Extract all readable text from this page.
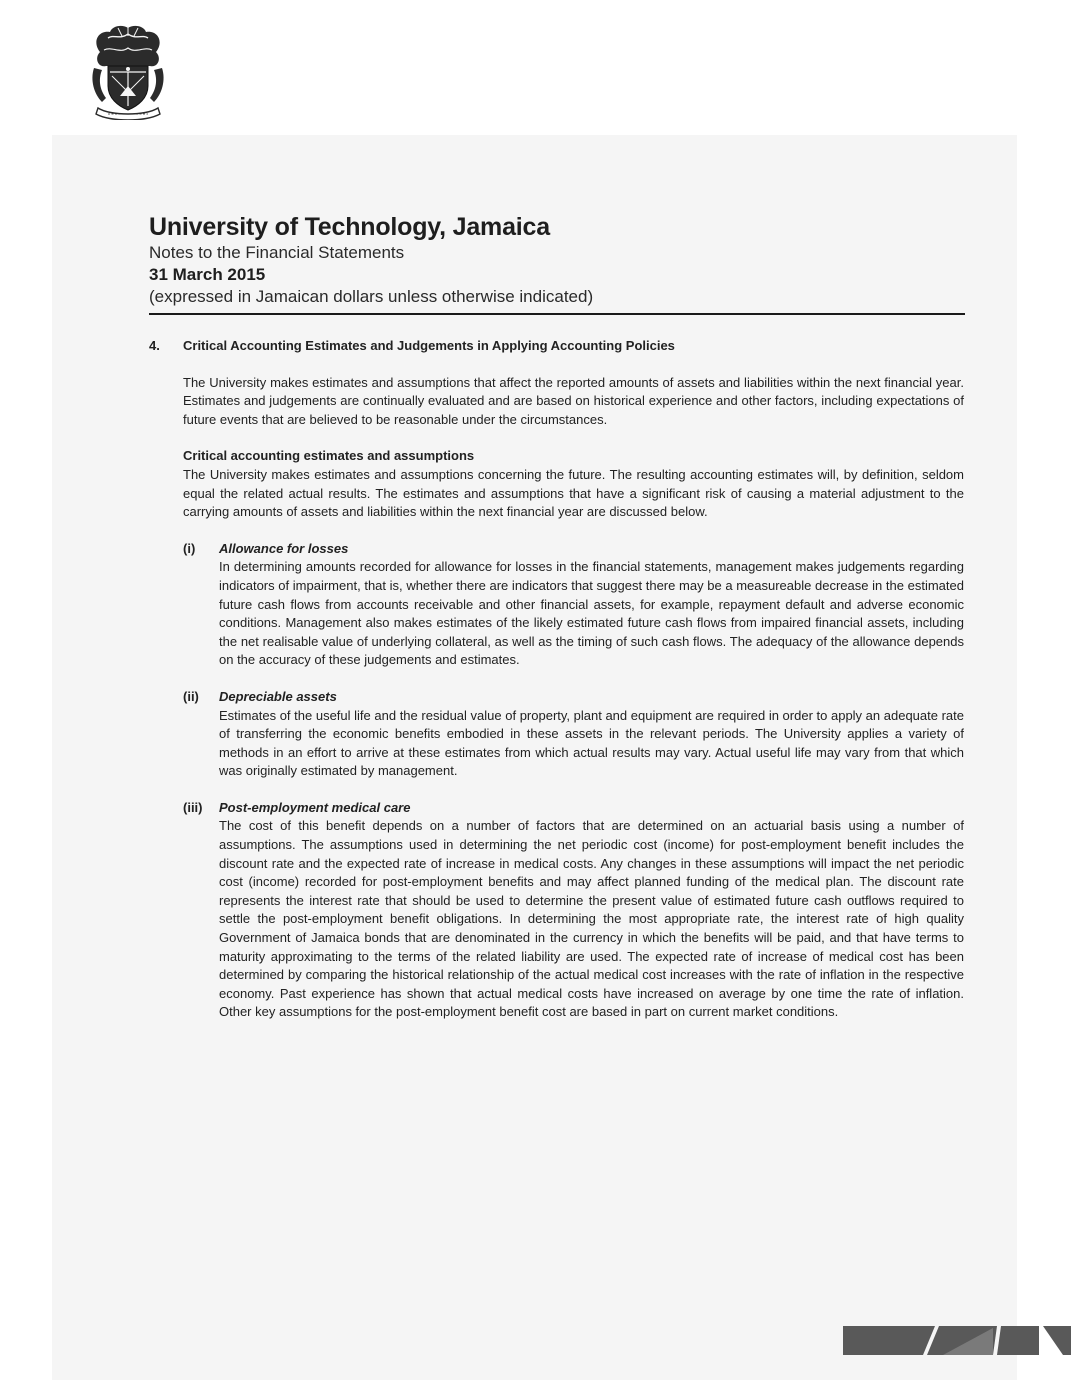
University of Technology, Jamaica
Notes to the Financial Statements
31 March 2015
(expressed in Jamaican dollars unless otherwise indicated)
4.	Critical Accounting Estimates and Judgements in Applying Accounting Policies

The University makes estimates and assumptions that affect the reported amounts of assets and liabilities within the next financial year. Estimates and judgements are continually evaluated and are based on historical experience and other factors, including expectations of future events that are believed to be reasonable under the circumstances.

Critical accounting estimates and assumptions

The University makes estimates and assumptions concerning the future. The resulting accounting estimates will, by definition, seldom equal the related actual results. The estimates and assumptions that have a significant risk of causing a material adjustment to the carrying amounts of assets and liabilities within the next financial year are discussed below.

(i)	Allowance for losses

In determining amounts recorded for allowance for losses in the financial statements, management makes judgements regarding indicators of impairment, that is, whether there are indicators that suggest there may be a measureable decrease in the estimated future cash flows from accounts receivable and other financial assets, for example, repayment default and adverse economic conditions. Management also makes estimates of the likely estimated future cash flows from impaired financial assets, including the net realisable value of underlying collateral, as well as the timing of such cash flows. The adequacy of the allowance depends on the accuracy of these judgements and estimates.

(ii)	Depreciable assets

Estimates of the useful life and the residual value of property, plant and equipment are required in order to apply an adequate rate of transferring the economic benefits embodied in these assets in the relevant periods. The University applies a variety of methods in an effort to arrive at these estimates from which actual results may vary. Actual useful life may vary from that which was originally estimated by management.

(iii)	Post-employment medical care

The cost of this benefit depends on a number of factors that are determined on an actuarial basis using a number of assumptions. The assumptions used in determining the net periodic cost (income) for post-employment benefit includes the discount rate and the expected rate of increase in medical costs. Any changes in these assumptions will impact the net periodic cost (income) recorded for post-employment benefits and may affect planned funding of the medical plan. The discount rate represents the interest rate that should be used to determine the present value of estimated future cash outflows required to settle the post-employment benefit obligations. In determining the most appropriate rate, the interest rate of high quality Government of Jamaica bonds that are denominated in the currency in which the benefits will be paid, and that have terms to maturity approximating to the terms of the related liability are used. The expected rate of increase of medical cost has been determined by comparing the historical relationship of the actual medical cost increases with the rate of inflation in the respective economy. Past experience has shown that actual medical costs have increased on average by one time the rate of inflation. Other key assumptions for the post-employment benefit cost are based in part on current market conditions.
